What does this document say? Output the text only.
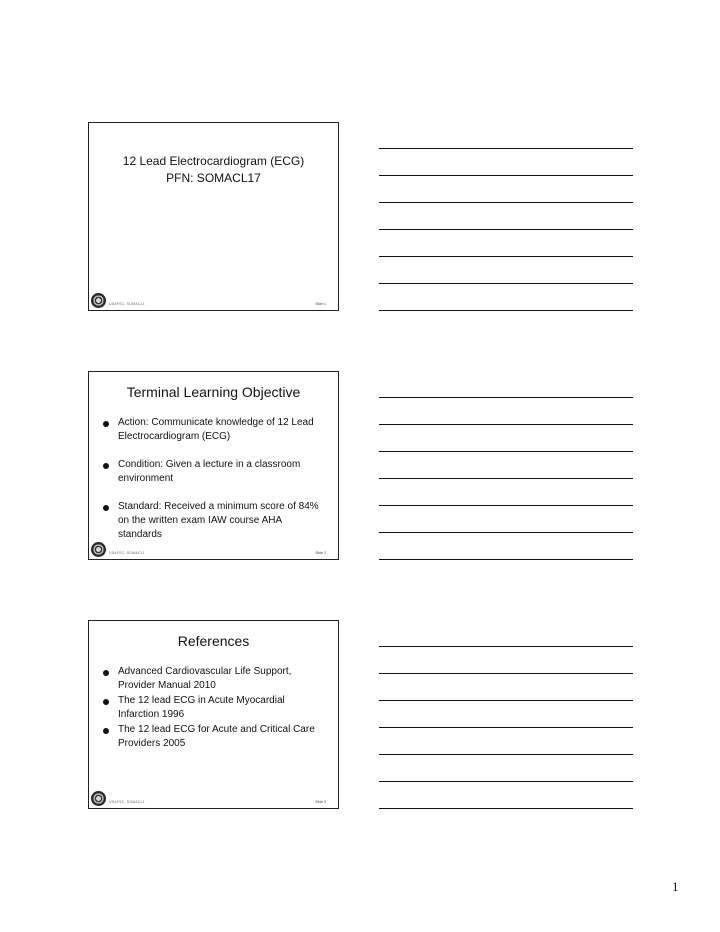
12 Lead Electrocardiogram (ECG)
PFN: SOMACL17
USAFSC, SOMACL1	Slide 1
Terminal Learning Objective
Action: Communicate knowledge of 12 Lead Electrocardiogram (ECG)
Condition: Given a lecture in a classroom environment
Standard: Received a minimum score of 84% on the written exam IAW course AHA standards
USAFSC, SOMACL1	Slide 2
References
Advanced Cardiovascular Life Support, Provider Manual 2010
The 12 lead ECG in Acute Myocardial Infarction 1996
The 12 lead ECG for Acute and Critical Care Providers 2005
USAFSC, SOMACL1	Slide 3
1
